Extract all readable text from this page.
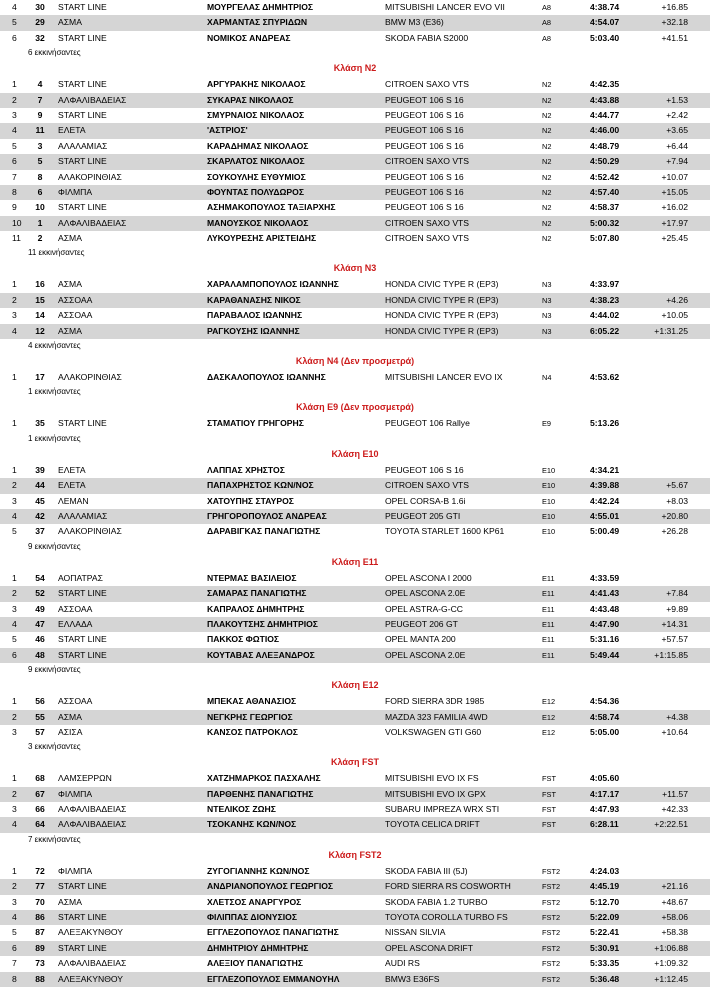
4	30	START LINE	ΜΟΥΡΓΕΛΑΣ ΔΗΜΗΤΡΙΟΣ	MITSUBISHI LANCER EVO VII	A8	4:38.74	+16.85
5	29	ΑΣΜΑ	ΧΑΡΜΑΝΤΑΣ ΣΠΥΡΙΔΩΝ	BMW M3 (E36)	A8	4:54.07	+32.18
6	32	START LINE	ΝΟΜΙΚΟΣ ΑΝΔΡΕΑΣ	SKODA FABIA S2000	A8	5:03.40	+41.51
6 εκκινήσαντες
Κλάση Ν2
1	4	START LINE	ΑΡΓΥΡΑΚΗΣ ΝΙΚΟΛΑΟΣ	CITROEN SAXO VTS	N2	4:42.35
2	7	ΑΛΦΑΛΙΒΑΔΕΙΑΣ	ΣΥΚΑΡΑΣ ΝΙΚΟΛΑΟΣ	PEUGEOT 106 S 16	N2	4:43.88	+1.53
3	9	START LINE	ΣΜΥΡΝΑΙΟΣ ΝΙΚΟΛΑΟΣ	PEUGEOT 106 S 16	N2	4:44.77	+2.42
4	11	ΕΛΕΤΑ	'ΑΣΤΡΙΟΣ'	PEUGEOT 106 S 16	N2	4:46.00	+3.65
5	3	ΑΛΑΛΑΜΙΑΣ	ΚΑΡΑΔΗΜΑΣ ΝΙΚΟΛΑΟΣ	PEUGEOT 106 S 16	N2	4:48.79	+6.44
6	5	START LINE	ΣΚΑΡΛΑΤΟΣ ΝΙΚΟΛΑΟΣ	CITROEN SAXO VTS	N2	4:50.29	+7.94
7	8	ΑΛΑΚΟΡΙΝΘΙΑΣ	ΣΟΥΚΟΥΛΗΣ ΕΥΘΥΜΙΟΣ	PEUGEOT 106 S 16	N2	4:52.42	+10.07
8	6	ΦΙΛΜΠΑ	ΦΟΥΝΤΑΣ ΠΟΛΥΔΩΡΟΣ	PEUGEOT 106 S 16	N2	4:57.40	+15.05
9	10	START LINE	ΑΣΗΜΑΚΟΠΟΥΛΟΣ ΤΑΞΙΑΡΧΗΣ	PEUGEOT 106 S 16	N2	4:58.37	+16.02
10	1	ΑΛΦΑΛΙΒΑΔΕΙΑΣ	ΜΑΝΟΥΣΚΟΣ ΝΙΚΟΛΑΟΣ	CITROEN SAXO VTS	N2	5:00.32	+17.97
11	2	ΑΣΜΑ	ΛΥΚΟΥΡΕΣΗΣ ΑΡΙΣΤΕΙΔΗΣ	CITROEN SAXO VTS	N2	5:07.80	+25.45
11 εκκινήσαντες
Κλάση Ν3
1	16	ΑΣΜΑ	ΧΑΡΑΛΑΜΠΟΠΟΥΛΟΣ ΙΩΑΝΝΗΣ	HONDA CIVIC TYPE R (EP3)	N3	4:33.97
2	15	ΑΣΣΟΑΑ	ΚΑΡΑΘΑΝΑΣΗΣ ΝΙΚΟΣ	HONDA CIVIC TYPE R (EP3)	N3	4:38.23	+4.26
3	14	ΑΣΣΟΑΑ	ΠΑΡΑΒΑΛΟΣ ΙΩΑΝΝΗΣ	HONDA CIVIC TYPE R (EP3)	N3	4:44.02	+10.05
4	12	ΑΣΜΑ	ΡΑΓΚΟΥΣΗΣ ΙΩΑΝΝΗΣ	HONDA CIVIC TYPE R (EP3)	N3	6:05.22	+1:31.25
4 εκκινήσαντες
Κλάση Ν4 (Δεν προσμετρά)
1	17	ΑΛΑΚΟΡΙΝΘΙΑΣ	ΔΑΣΚΑΛΟΠΟΥΛΟΣ ΙΩΑΝΝΗΣ	MITSUBISHI LANCER EVO IX	N4	4:53.62
1 εκκινήσαντες
Κλάση Ε9 (Δεν προσμετρά)
1	35	START LINE	ΣΤΑΜΑΤΙΟΥ ΓΡΗΓΟΡΗΣ	PEUGEOT 106 Rallye	E9	5:13.26
1 εκκινήσαντες
Κλάση Ε10
1	39	ΕΛΕΤΑ	ΛΑΠΠΑΣ ΧΡΗΣΤΟΣ	PEUGEOT 106 S 16	E10	4:34.21
2	44	ΕΛΕΤΑ	ΠΑΠΑΧΡΗΣΤΟΣ ΚΩΝ/ΝΟΣ	CITROEN SAXO VTS	E10	4:39.88	+5.67
3	45	ΛΕΜΑΝ	ΧΑΤΟΥΠΗΣ ΣΤΑΥΡΟΣ	OPEL CORSA-B 1.6i	E10	4:42.24	+8.03
4	42	ΑΛΑΛΑΜΙΑΣ	ΓΡΗΓΟΡΟΠΟΥΛΟΣ ΑΝΔΡΕΑΣ	PEUGEOT 205 GTI	E10	4:55.01	+20.80
5	37	ΑΛΑΚΟΡΙΝΘΙΑΣ	ΔΑΡΑΒΙΓΚΑΣ ΠΑΝΑΓΙΩΤΗΣ	TOYOTA STARLET 1600 KP61	E10	5:00.49	+26.28
9 εκκινήσαντες
Κλάση Ε11
1	54	ΑΟΠΑΤΡΑΣ	ΝΤΕΡΜΑΣ ΒΑΣΙΛΕΙΟΣ	OPEL ASCONA I 2000	E11	4:33.59
2	52	START LINE	ΣΑΜΑΡΑΣ ΠΑΝΑΓΙΩΤΗΣ	OPEL ASCONA 2.0E	E11	4:41.43	+7.84
3	49	ΑΣΣΟΑΑ	ΚΑΠΡΑΛΟΣ ΔΗΜΗΤΡΗΣ	OPEL ASTRA-G-CC	E11	4:43.48	+9.89
4	47	ΕΛΛΑΔΑ	ΠΛΑΚΟΥΤΣΗΣ ΔΗΜΗΤΡΙΟΣ	PEUGEOT 206 GT	E11	4:47.90	+14.31
5	46	START LINE	ΠΑΚΚΟΣ ΦΩΤΙΟΣ	OPEL MANTA 200	E11	5:31.16	+57.57
6	48	START LINE	ΚΟΥΤΑΒΑΣ ΑΛΕΞΑΝΔΡΟΣ	OPEL ASCONA 2.0E	E11	5:49.44	+1:15.85
9 εκκινήσαντες
Κλάση Ε12
1	56	ΑΣΣΟΑΑ	ΜΠΕΚΑΣ ΑΘΑΝΑΣΙΟΣ	FORD SIERRA 3DR 1985	E12	4:54.36
2	55	ΑΣΜΑ	ΝΕΓΚΡΗΣ ΓΕΩΡΓΙΟΣ	MAZDA 323 FAMILIA 4WD	E12	4:58.74	+4.38
3	57	ΑΣΙΣΑ	ΚΑΝΣΟΣ ΠΑΤΡΟΚΛΟΣ	VOLKSWAGEN GTI G60	E12	5:05.00	+10.64
3 εκκινήσαντες
Κλάση FST
1	68	ΛΑΜΣΕΡΡΩΝ	ΧΑΤΖΗΜΑΡΚΟΣ ΠΑΣΧΑΛΗΣ	MITSUBISHI EVO IX FS	FST	4:05.60
2	67	ΦΙΛΜΠΑ	ΠΑΡΘΕΝΗΣ ΠΑΝΑΓΙΩΤΗΣ	MITSUBISHI EVO IX GPX	FST	4:17.17	+11.57
3	66	ΑΛΦΑΛΙΒΑΔΕΙΑΣ	ΝΤΕΛΙΚΟΣ ΖΩΗΣ	SUBARU IMPREZA WRX STI	FST	4:47.93	+42.33
4	64	ΑΛΦΑΛΙΒΑΔΕΙΑΣ	ΤΣΟΚΑΝΗΣ ΚΩΝ/ΝΟΣ	TOYOTA CELICA DRIFT	FST	6:28.11	+2:22.51
7 εκκινήσαντες
Κλάση FST2
1	72	ΦΙΛΜΠΑ	ΖΥΓΟΓΙΑΝΝΗΣ ΚΩΝ/ΝΟΣ	SKODA FABIA III (5J)	FST2	4:24.03
2	77	START LINE	ΑΝΔΡΙΑΝΟΠΟΥΛΟΣ ΓΕΩΡΓΙΟΣ	FORD SIERRA RS COSWORTH	FST2	4:45.19	+21.16
3	70	ΑΣΜΑ	ΧΛΕΤΣΟΣ ΑΝΑΡΓΥΡΟΣ	SKODA FABIA 1.2 TURBO	FST2	5:12.70	+48.67
4	86	START LINE	ΦΙΛΙΠΠΑΣ ΔΙΟΝΥΣΙΟΣ	TOYOTA COROLLA TURBO FS	FST2	5:22.09	+58.06
5	87	ΑΛΕΞΑΚΥΝΘΟΥ	ΕΓΓΛΕΖΟΠΟΥΛΟΣ ΠΑΝΑΓΙΩΤΗΣ	NISSAN SILVIA	FST2	5:22.41	+58.38
6	89	START LINE	ΔΗΜΗΤΡΙΟΥ ΔΗΜΗΤΡΗΣ	OPEL ASCONA DRIFT	FST2	5:30.91	+1:06.88
7	73	ΑΛΦΑΛΙΒΑΔΕΙΑΣ	ΑΛΕΞΙΟΥ ΠΑΝΑΓΙΩΤΗΣ	AUDI RS	FST2	5:33.35	+1:09.32
8	88	ΑΛΕΞΑΚΥΝΘΟΥ	ΕΓΓΛΕΖΟΠΟΥΛΟΣ ΕΜΜΑΝΟΥΗΛ	BMW3 E36FS	FST2	5:36.48	+1:12.45
